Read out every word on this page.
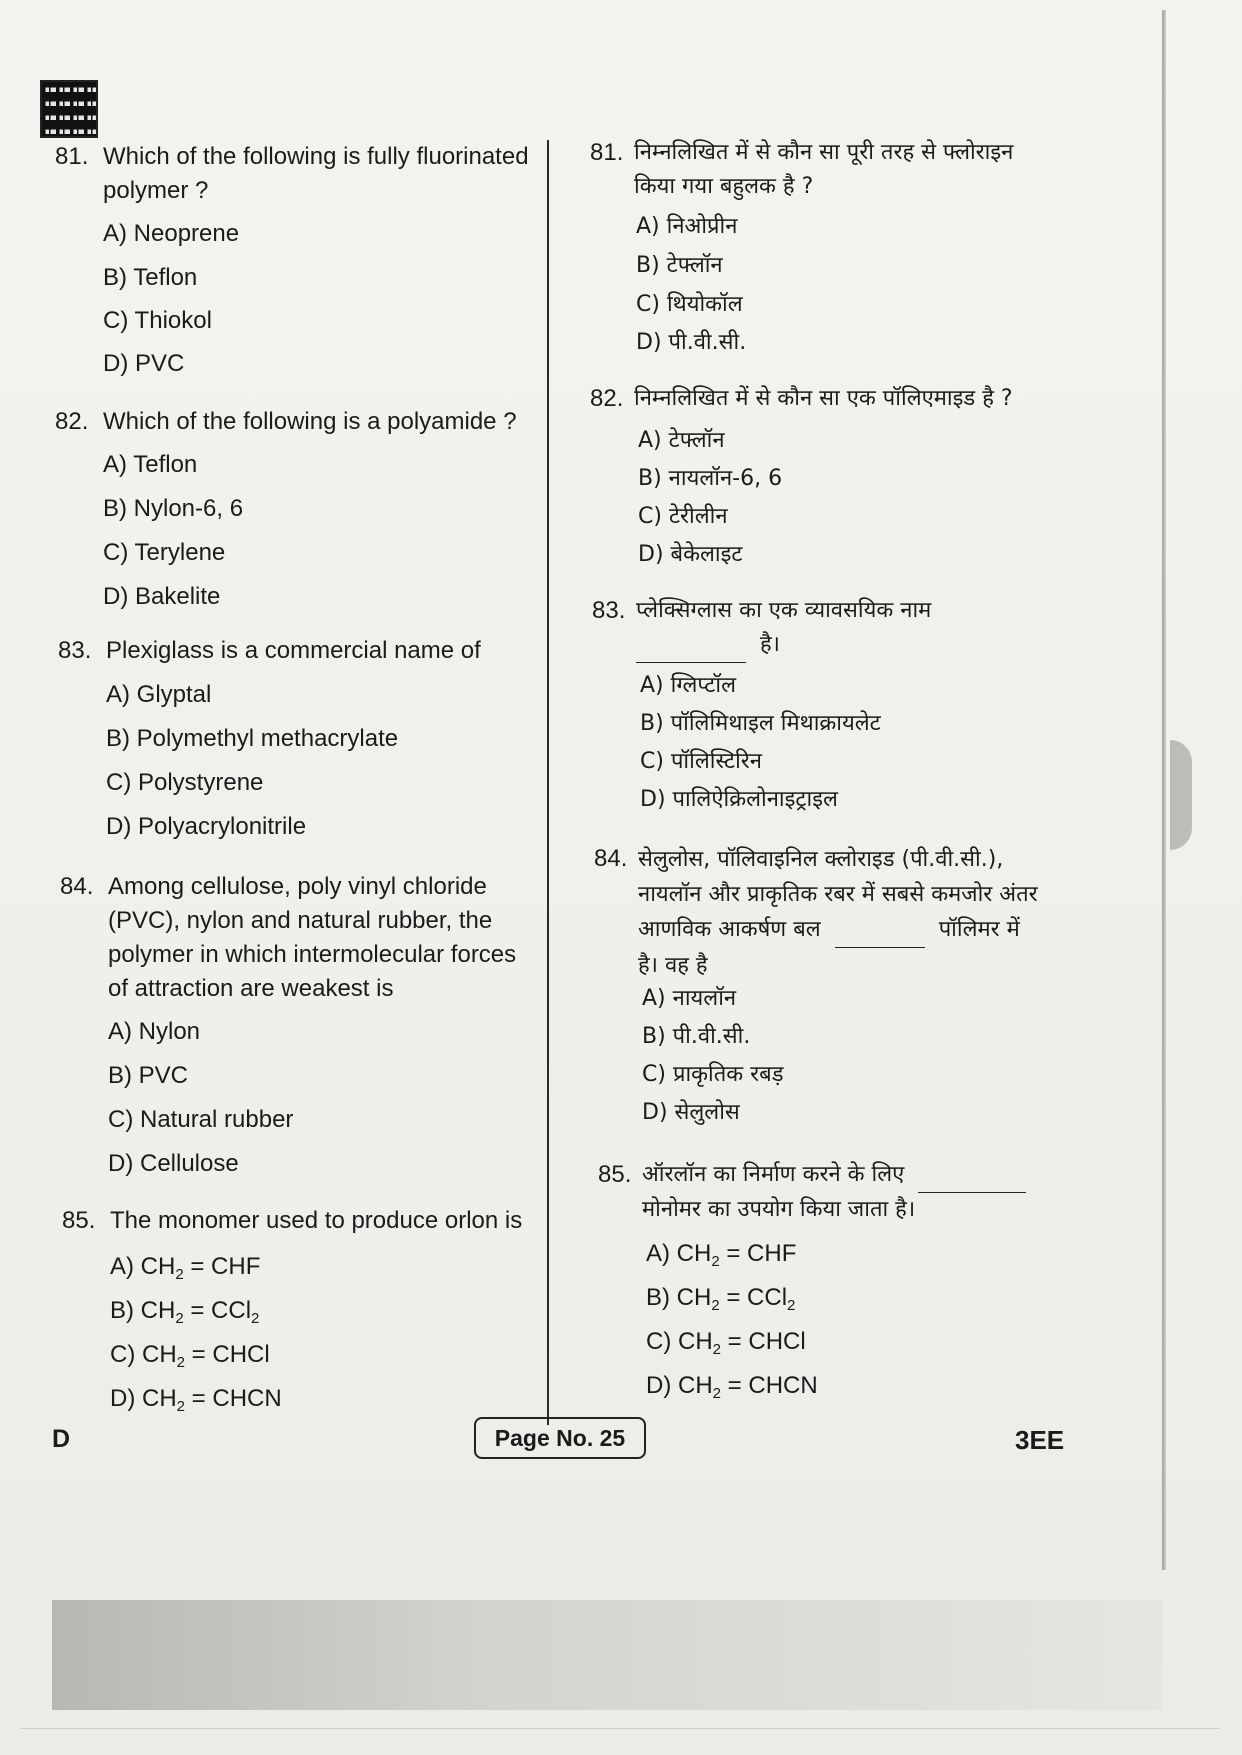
81. Which of the following is fully fluorinated
polymer ?
A) Neoprene
B) Teflon
C) Thiokol
D) PVC
82. Which of the following is a polyamide ?
A) Teflon
B) Nylon-6, 6
C) Terylene
D) Bakelite
83. Plexiglass is a commercial name of
A) Glyptal
B) Polymethyl methacrylate
C) Polystyrene
D) Polyacrylonitrile
84. Among cellulose, poly vinyl chloride
(PVC), nylon and natural rubber, the
polymer in which intermolecular forces
of attraction are weakest is
A) Nylon
B) PVC
C) Natural rubber
D) Cellulose
85. The monomer used to produce orlon is
A) $CH_2$ = CHF
B) $CH_2 = CCl_2$
C) $CH_2$ = CHCl
D) $CH_2$ = CHCN
81. निम्नलिखित में से कौन सा पूरी तरह से फ्लोराइन
किया गया बहुलक है ?
A) निओप्रीन
B) टेफ्लॉन
C) थियोकॉल
D) पी.वी.सी.
82. निम्नलिखित में से कौन सा एक पॉलिएमाइड है ?
A) टेफ्लॉन
B) नायलॉन-6, 6
C) टेरीलीन
D) बेकेलाइट
83. प्लेक्सिग्लास का एक व्यावसयिक नाम
है।
A) ग्लिप्टॉल
B) पॉलिमिथाइल मिथाक्रायलेट
C) पॉलिस्टिरिन
D) पालिऐक्रिलोनाइट्राइल
84. सेलुलोस, पॉलिवाइनिल क्लोराइड (पी.वी.सी.),
नायलॉन और प्राकृतिक रबर में सबसे कमजोर अंतर
आणविक आकर्षण बल	पॉलिमर में
है। वह है
A) नायलॉन
B) पी.वी.सी.
C) प्राकृतिक रबड़
D) सेलुलोस
85. ऑरलॉन का निर्माण करने के लिए
मोनोमर का उपयोग किया जाता है।
A) $CH_2$ = CHF
B) $CH_2 = CCl_2$
C) $CH_2$ = CHCl
D) $CH_2$ = CHCN
D	Page No. 25	3EE
